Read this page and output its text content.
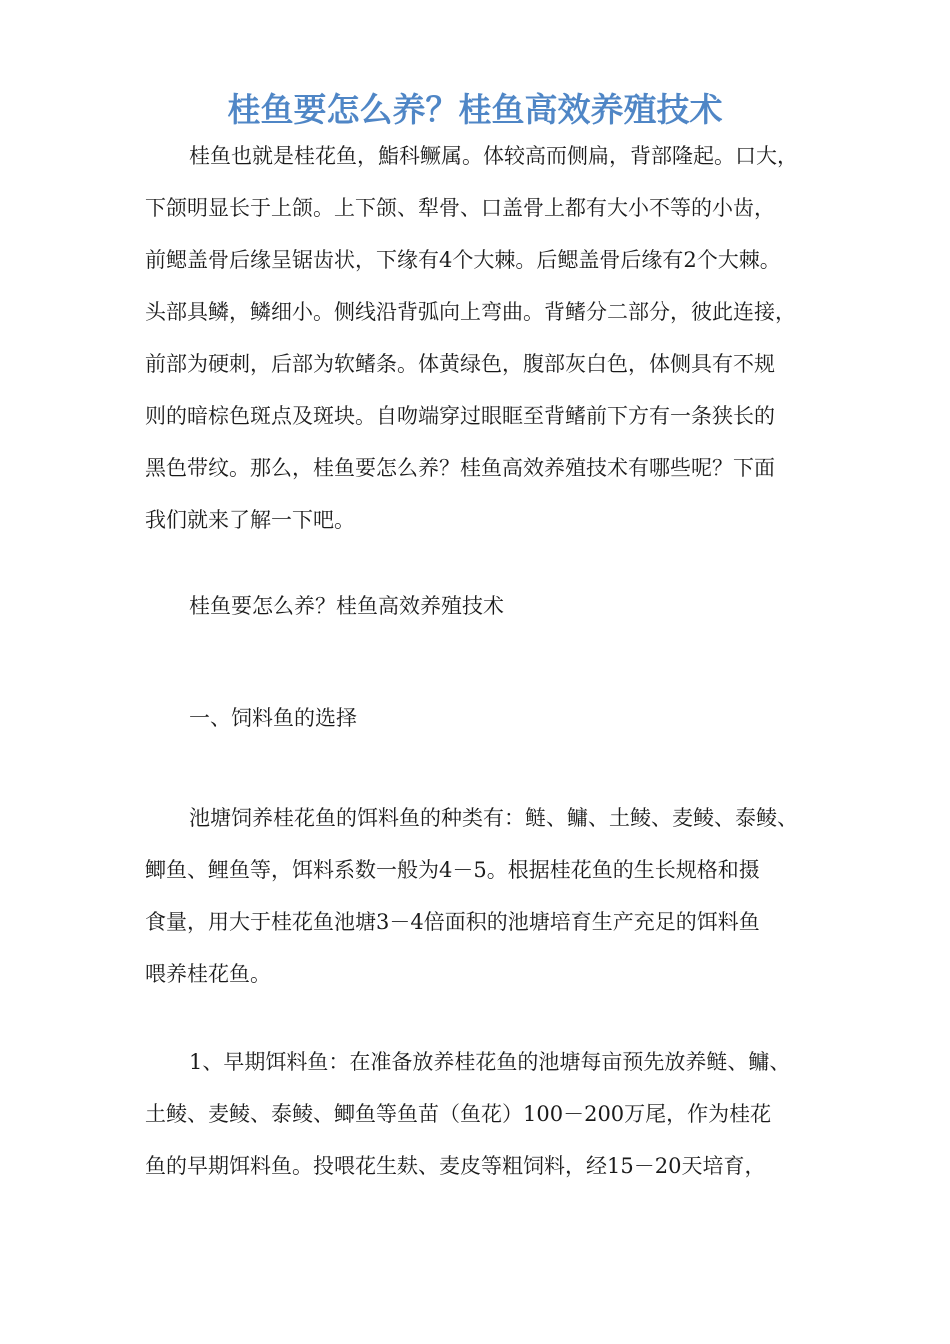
桂鱼要怎么养？桂鱼高效养殖技术
桂鱼也就是桂花鱼，鮨科鳜属。体较高而侧扁，背部隆起。口大，
下颌明显长于上颌。上下颌、犁骨、口盖骨上都有大小不等的小齿，
前鳃盖骨后缘呈锯齿状，下缘有4个大棘。后鳃盖骨后缘有2个大棘。
头部具鳞，鳞细小。侧线沿背弧向上弯曲。背鳍分二部分，彼此连接，
前部为硬刺，后部为软鳍条。体黄绿色，腹部灰白色，体侧具有不规
则的暗棕色斑点及斑块。自吻端穿过眼眶至背鳍前下方有一条狭长的
黑色带纹。那么，桂鱼要怎么养？桂鱼高效养殖技术有哪些呢？下面
我们就来了解一下吧。
桂鱼要怎么养？桂鱼高效养殖技术
一、饲料鱼的选择
池塘饲养桂花鱼的饵料鱼的种类有：鲢、鳙、土鲮、麦鲮、泰鲮、
鲫鱼、鲤鱼等，饵料系数一般为4－5。根据桂花鱼的生长规格和摄
食量，用大于桂花鱼池塘3－4倍面积的池塘培育生产充足的饵料鱼
喂养桂花鱼。
1、早期饵料鱼：在准备放养桂花鱼的池塘每亩预先放养鲢、鳙、
土鲮、麦鲮、泰鲮、鲫鱼等鱼苗（鱼花）100－200万尾，作为桂花
鱼的早期饵料鱼。投喂花生麸、麦皮等粗饲料，经15－20天培育，
